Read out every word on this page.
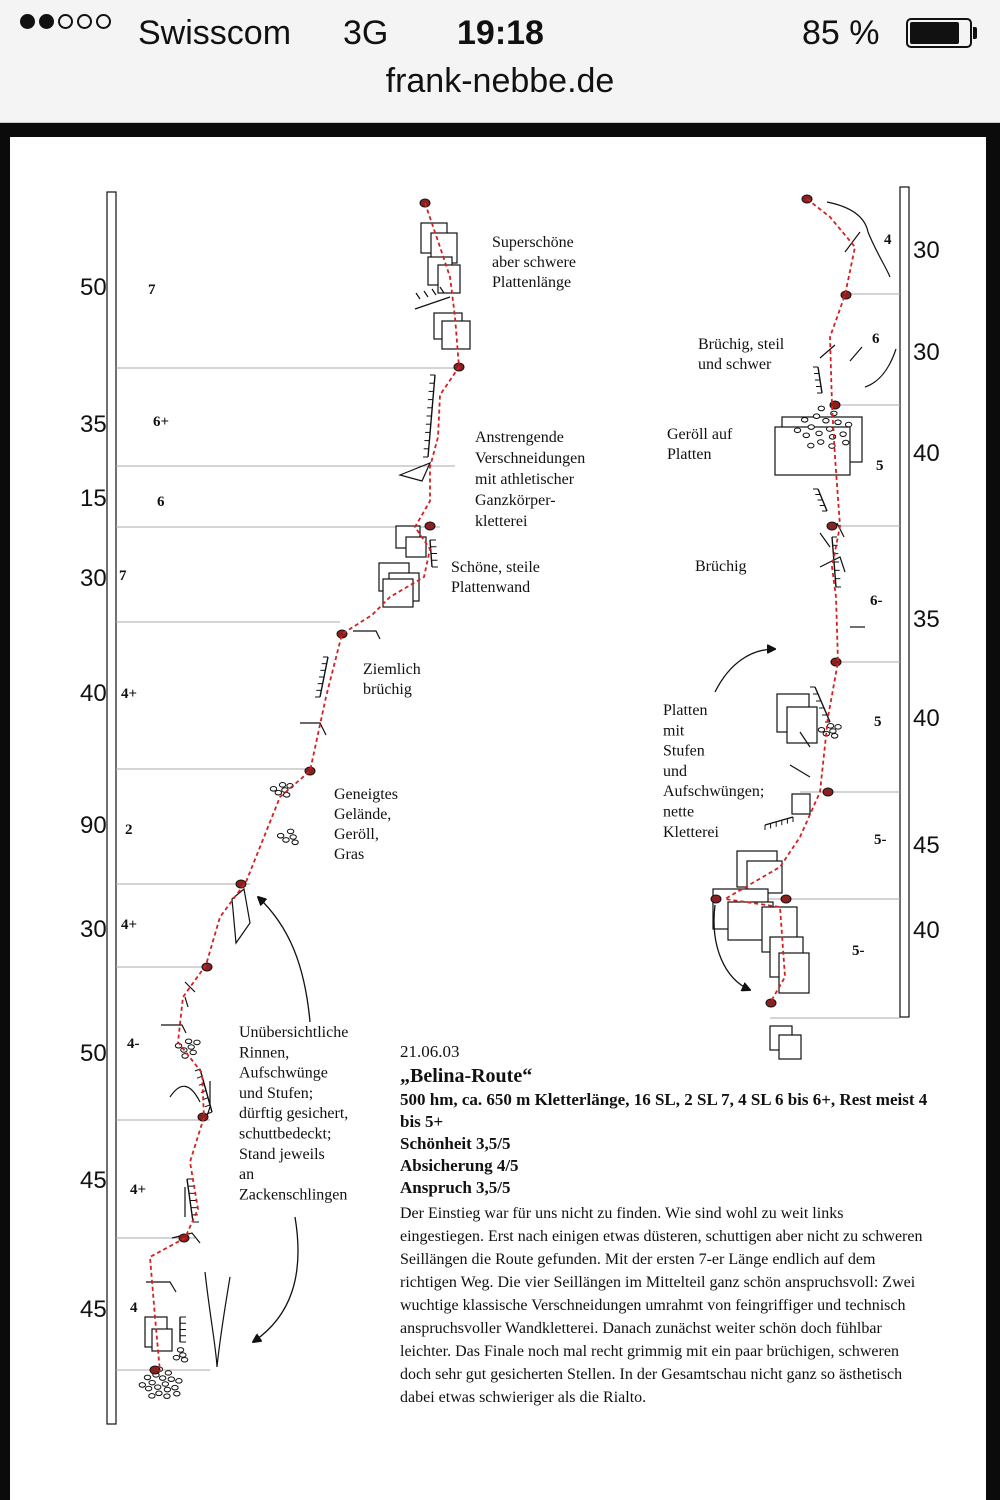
Swisscom 3G 19:18	85 %
frank-nebbe.de
50
35
15
30
40
90
30
50
45
45
7
6+
6
7
4+
2
4+
4-
4+
4
30
30
40
35
40
45
40
4
6
5
6-
5
5-
5-
Superschöne
aber schwere
Plattenlänge
Anstrengende
Verschneidungen
mit athletischer
Ganzkörper-
kletterei
Schöne, steile
Plattenwand
Ziemlich
brüchig
Geneigtes
Gelände,
Geröll,
Gras
Unübersichtliche
Rinnen,
Aufschwünge
und Stufen;
dürftig gesichert,
schuttbedeckt;
Stand jeweils
an
Zackenschlingen
Brüchig, steil
und schwer
Geröll auf
Platten
Brüchig
Platten
mit
Stufen
und
Aufschwüngen;
nette
Kletterei
21.06.03
„Belina-Route“
500 hm, ca. 650 m Kletterlänge, 16 SL, 2 SL 7, 4 SL 6 bis 6+, Rest meist 4 bis 5+
Schönheit 3,5/5
Absicherung 4/5
Anspruch 3,5/5
Der Einstieg war für uns nicht zu finden. Wie sind wohl zu weit links eingestiegen. Erst nach einigen etwas düsteren, schuttigen aber nicht zu schweren Seillängen die Route gefunden. Mit der ersten 7-er Länge endlich auf dem richtigen Weg. Die vier Seillängen im Mittelteil ganz schön anspruchsvoll: Zwei wuchtige klassische Verschneidungen umrahmt von feingriffiger und technisch anspruchsvoller Wandkletterei. Danach zunächst weiter schön doch fühlbar leichter. Das Finale noch mal recht grimmig mit ein paar brüchigen, schweren doch sehr gut gesicherten Stellen. In der Gesamtschau nicht ganz so ästhetisch dabei etwas schwieriger als die Rialto.
